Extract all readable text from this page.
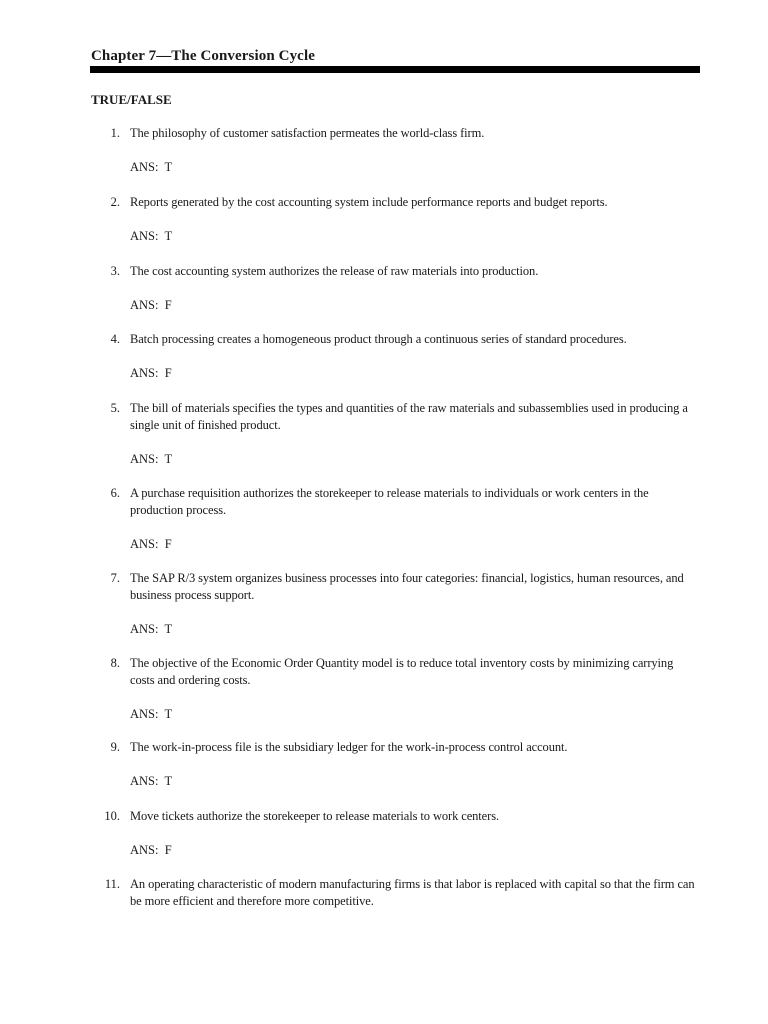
Chapter 7—The Conversion Cycle
TRUE/FALSE
1. The philosophy of customer satisfaction permeates the world-class firm.
ANS:  T
2. Reports generated by the cost accounting system include performance reports and budget reports.
ANS:  T
3. The cost accounting system authorizes the release of raw materials into production.
ANS:  F
4. Batch processing creates a homogeneous product through a continuous series of standard procedures.
ANS:  F
5. The bill of materials specifies the types and quantities of the raw materials and subassemblies used in producing a single unit of finished product.
ANS:  T
6. A purchase requisition authorizes the storekeeper to release materials to individuals or work centers in the production process.
ANS:  F
7. The SAP R/3 system organizes business processes into four categories: financial, logistics, human resources, and business process support.
ANS:  T
8. The objective of the Economic Order Quantity model is to reduce total inventory costs by minimizing carrying costs and ordering costs.
ANS:  T
9. The work-in-process file is the subsidiary ledger for the work-in-process control account.
ANS:  T
10. Move tickets authorize the storekeeper to release materials to work centers.
ANS:  F
11. An operating characteristic of modern manufacturing firms is that labor is replaced with capital so that the firm can be more efficient and therefore more competitive.
